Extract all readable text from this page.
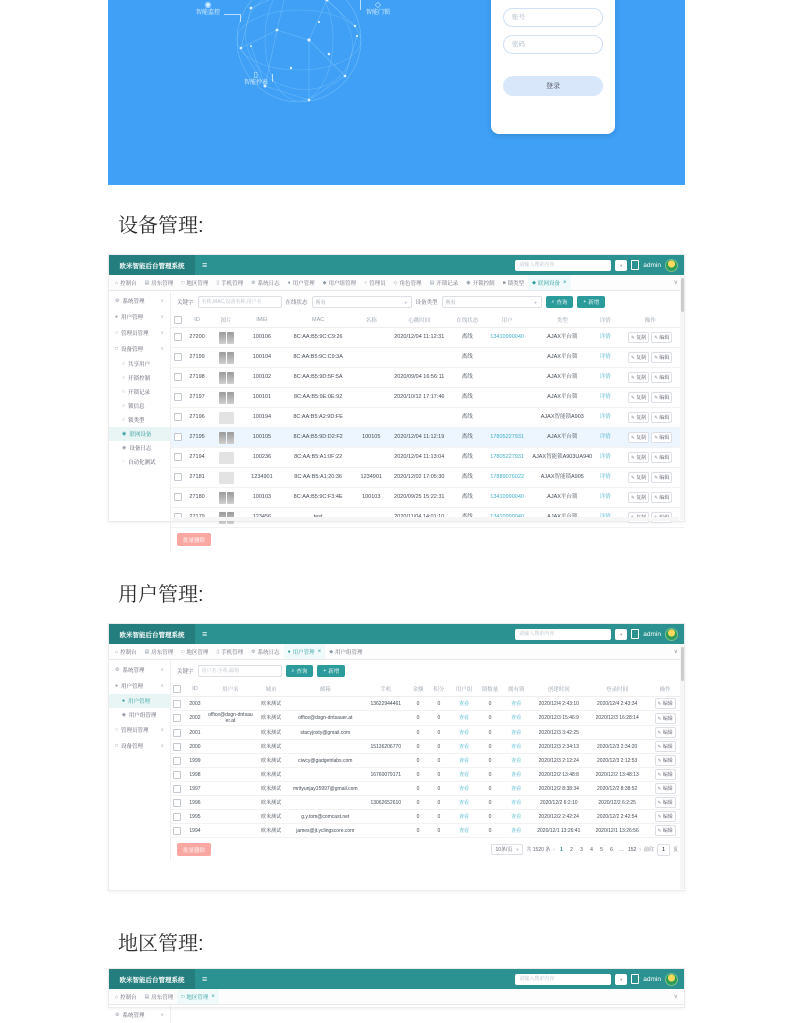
◉
智能监控
◇
智能门锁
▯
智能抄表
账号	登录
设备管理:
欧米智能后台管理系统	≡
请输入搜索内容	▼	admin
⌂ 控制台 ▤ 房东管理 □ 地区管理 ▯ 手机管理 ⚙ 系统日志 ● 用户管理 ◆ 用户组管理 ○ 管理员 ◇ 角色管理 ▤ 开锁记录 ◉ 开锁控制 ■ 锁类型 ◆ 联网设备 ×	∨
⚙ 系统管理	∨
● 用户管理	∨
○ 管理员管理 ∨
□ 设备管理	∧
○ 共享用户
○ 开锁控制
○ 开锁记录
○ 锁信息
○ 锁类型
◉ 联网设备
◉ 设备日志
◌ 自动化测试
关键字
名称,MAC,设备名称,用户名	在线状态 所有	▼ 设备类型 所有	▼	⌕ 查询	+ 新增
	ID	图片	IMEI	MAC	名称	心跳时间	在线状态	用户	类型	详情	操作
	27200		100106	8C:AA:B5:9C:C9:26		2020/12/04 11:12:31	离线	13410990040	AJAX平台锁	详情	✎ 复制 ✎ 编辑
	27199		100104	8C:AA:B5:9C:C9:3A			离线		AJAX平台锁	详情	✎ 复制 ✎ 编辑
	27198		100102	8C:AA:B5:9D:5F:5A		2020/09/04 16:56:11	离线		AJAX平台锁	详情	✎ 复制 ✎ 编辑
	27197		100101	8C:AA:B5:9E:0E:92		2020/10/12 17:17:46	离线		AJAX平台锁	详情	✎ 复制 ✎ 编辑
	27196		100194	8C:AA:B5:A2:9D:FE			离线		AJAX智能锁A903	详情	✎ 复制 ✎ 编辑
	27195		100105	8C:AA:B5:9D:D2:F2	100105	2020/12/04 11:12:19	离线	17805227931	AJAX平台锁	详情	✎ 复制 ✎ 编辑
	27194		100236	8C:AA:B5:A1:0F:22		2020/12/04 11:13:04	离线	17805227931	AJAX智能锁A903UA940	详情	✎ 复制 ✎ 编辑
	27181		1234901	8C:AA:B5:A1:20:36	1234901	2020/12/02 17:05:30	离线	17889076022	AJAX智能锁A905	详情	✎ 复制 ✎ 编辑
	27180		100103	8C:AA:B5:9C:F3:4E	100103	2020/09/25 15:22:31	离线	13410990040	AJAX平台锁	详情	✎ 复制 ✎ 编辑

批量删除
用户管理:
欧米智能后台管理系统	≡
请输入搜索内容	▼	admin
⌂ 控制台 ▤ 房东管理 □ 地区管理 ▯ 手机管理 ⚙ 系统日志 ● 用户管理 × ◆ 用户组管理	∨
⚙ 系统管理	∨
● 用户管理	∧
● 用户管理
◆ 用户组管理
○ 管理员管理 ∨
□ 设备管理	∨
关键字
用户名,手机,邮箱	⌕ 查询	+ 新增
	ID	用户名	城市	邮箱	手机	金额	积分	用户组	锁数量	拥有锁	创建时间	登录时间	操作
	2003		欧米测试		13622944461	0	0	查看	0	查看	2020/12/4 2:43:10	2020/12/4 2:43:34	✎ 编辑
	2002	office@dsgn-dntsauer.at	欧米测试	office@dsgn-dntsauer.at		0	0	查看	0	查看	2020/12/3 15:46:9	2020/12/3 16:28:14	✎ 编辑
	2001		欧米测试	stacyjosty@gmail.com		0	0	查看	0	查看	2020/12/3 3:42:25		✎ 编辑
	2000		欧米测试		15136206770	0	0	查看	0	查看	2020/12/3 2:34:13	2020/12/3 2:34:20	✎ 编辑
	1999		欧米测试	ciwcy@gadgetrlabs.com		0	0	查看	0	查看	2020/12/3 2:12:24	2020/12/3 2:12:53	✎ 编辑
	1998		欧米测试		16760079171	0	0	查看	0	查看	2020/12/2 13:48:8	2020/12/2 13:48:13	✎ 编辑
	1997		欧米测试	mrityunjay15997@gmail.com		0	0	查看	0	查看	2020/12/2 8:38:34	2020/12/2 8:38:52	✎ 编辑
	1996		欧米测试		13062652610	0	0	查看	0	查看	2020/12/2 6:2:10	2020/12/2 6:2:25	✎ 编辑
	1995		欧米测试	g.y.tom@comcast.net		0	0	查看	0	查看	2020/12/2 2:42:24	2020/12/2 2:42:54	✎ 编辑
	1994		欧米测试	james@jt.yclingscore.com		0	0	查看	0	查看	2020/12/1 13:26:41	2020/12/1 13:26:56	✎ 编辑
批量删除	10条/页 ▼ 共 1520 条 ‹	1	2	3	4	5	6	… 152 › 前往
1	页
地区管理:
欧米智能后台管理系统	≡
请输入搜索内容	▼	admin
⌂ 控制台 ▤ 房东管理 □ 地区管理 ×	∨
⚙ 系统管理	∨
